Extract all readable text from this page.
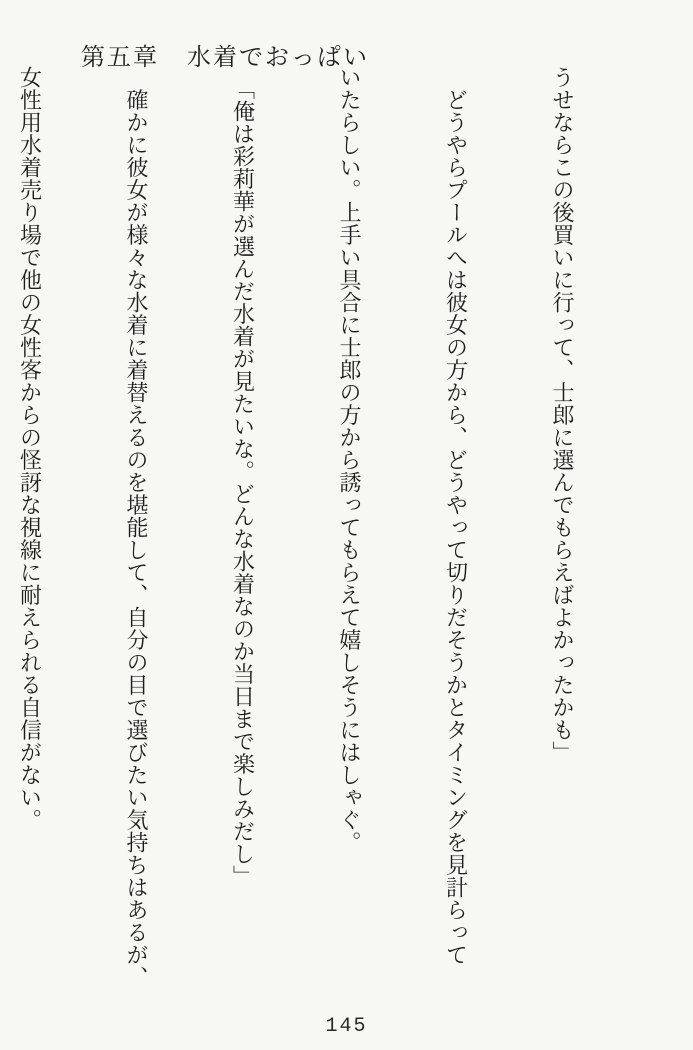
第五章 水着でおっぱい

うせならこの後買いに行って、士郎に選んでもらえばよかったかも」

　どうやらプールへは彼女の方から、どうやって切りだそうかとタイミングを見計らって

いたらしい。上手い具合に士郎の方から誘ってもらえて嬉しそうにはしゃぐ。

　「俺は彩莉華が選んだ水着が見たいな。どんな水着なのか当日まで楽しみだし」

　確かに彼女が様々な水着に着替えるのを堪能して、自分の目で選びたい気持ちはあるが、

女性用水着売り場で他の女性客からの怪訝な視線に耐えられる自信がない。

145
